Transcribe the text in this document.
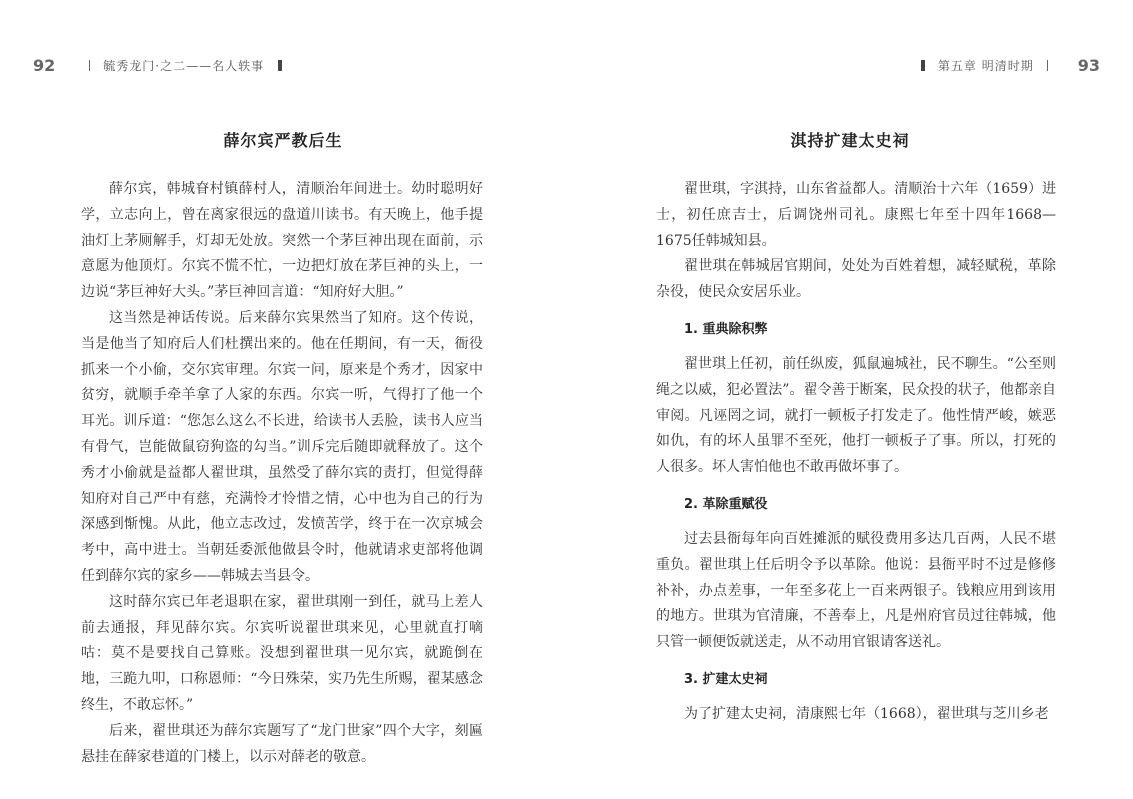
92	毓秀龙门·之二——名人轶事
薛尔宾严教后生

薛尔宾，韩城眘村镇薛村人，清顺治年间进士。幼时聪明好学，立志向上，曾在离家很远的盘道川读书。有天晚上，他手提油灯上茅厕解手，灯却无处放。突然一个茅巨神出现在面前，示意愿为他顶灯。尔宾不慌不忙，一边把灯放在茅巨神的头上，一边说“茅巨神好大头。”茅巨神回言道：“知府好大胆。”

这当然是神话传说。后来薛尔宾果然当了知府。这个传说，当是他当了知府后人们杜撰出来的。他在任期间，有一天，衙役抓来一个小偷，交尔宾审理。尔宾一问，原来是个秀才，因家中贫穷，就顺手牵羊拿了人家的东西。尔宾一听，气得打了他一个耳光。训斥道：“您怎么这么不长进，给读书人丢脸，读书人应当有骨气，岂能做鼠窃狗盗的勾当。”训斥完后随即就释放了。这个秀才小偷就是益都人翟世琪，虽然受了薛尔宾的责打，但觉得薛知府对自己严中有慈，充满怜才怜惜之情，心中也为自己的行为深感到惭愧。从此，他立志改过，发愤苦学，终于在一次京城会考中，高中进士。当朝廷委派他做县令时，他就请求吏部将他调任到薛尔宾的家乡——韩城去当县令。

这时薛尔宾已年老退职在家，翟世琪刚一到任，就马上差人前去通报，拜见薛尔宾。尔宾听说翟世琪来见，心里就直打嘀咕：莫不是要找自己算账。没想到翟世琪一见尔宾，就跪倒在地，三跪九叩，口称恩师：“今日殊荣，实乃先生所赐，翟某感念终生，不敢忘怀。”

后来，翟世琪还为薛尔宾题写了“龙门世家”四个大字，刻匾悬挂在薛家巷道的门楼上，以示对薛老的敬意。

第五章 明清时期	93
淇持扩建太史祠

翟世琪，字淇持，山东省益都人。清顺治十六年（1659）进士，初任庶吉士，后调饶州司礼。康熙七年至十四年1668—1675任韩城知县。

翟世琪在韩城居官期间，处处为百姓着想，减轻赋税，革除杂役，使民众安居乐业。

1. 重典除积弊

翟世琪上任初，前任纵废，狐鼠遍城社，民不聊生。“公至则绳之以威，犯必置法”。翟令善于断案，民众投的状子，他都亲自审阅。凡诬罔之词，就打一顿板子打发走了。他性情严峻，嫉恶如仇，有的坏人虽罪不至死，他打一顿板子了事。所以，打死的人很多。坏人害怕他也不敢再做坏事了。

2. 革除重赋役

过去县衙每年向百姓摊派的赋役费用多达几百两，人民不堪重负。翟世琪上任后明令予以革除。他说：县衙平时不过是修修补补，办点差事，一年至多花上一百来两银子。钱粮应用到该用的地方。世琪为官清廉，不善奉上，凡是州府官员过往韩城，他只管一顿便饭就送走，从不动用官银请客送礼。

3. 扩建太史祠

为了扩建太史祠，清康熙七年（1668），翟世琪与芝川乡老
